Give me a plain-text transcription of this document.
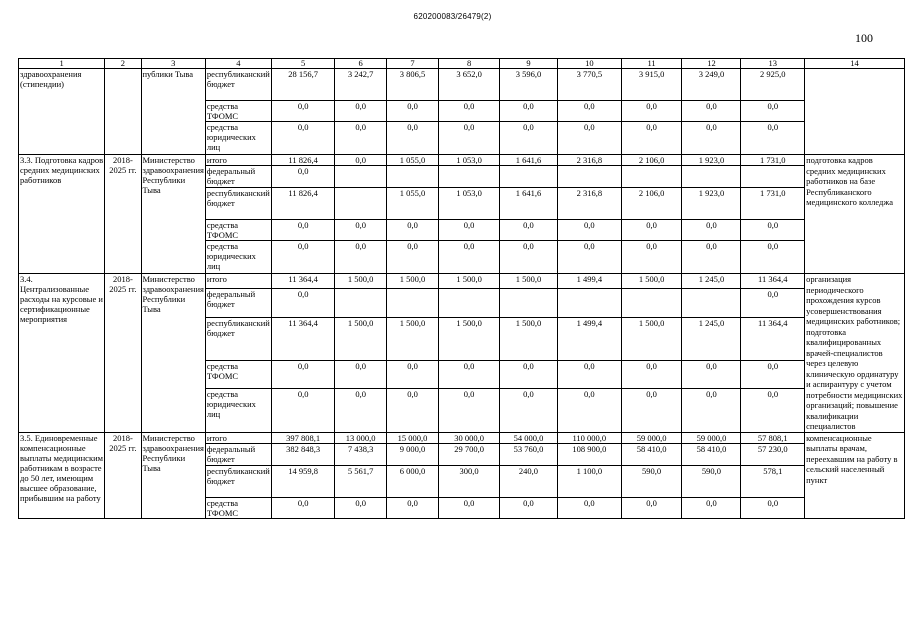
620200083/26479(2)
100
1	2	3	4	5	6	7	8	9	10	11	12	13	14
здравоохранения (стипендии)		публики Тыва	республиканский бюджет	28 156,7	3 242,7	3 806,5	3 652,0	3 596,0	3 770,5	3 915,0	3 249,0	2 925,0	
			средства ТФОМС	0,0	0,0	0,0	0,0	0,0	0,0	0,0	0,0	0,0	
			средства юридических лиц	0,0	0,0	0,0	0,0	0,0	0,0	0,0	0,0	0,0	
3.3. Подготовка кадров средних медицинских работников	2018-2025 гг.	Министерство здравоохранения Республики Тыва	итого	11 826,4	0,0	1 055,0	1 053,0	1 641,6	2 316,8	2 106,0	1 923,0	1 731,0	подготовка кадров средних медицинских работников на базе Республиканского медицинского колледжа
			федеральный бюджет	0,0									
			республиканский бюджет	11 826,4		1 055,0	1 053,0	1 641,6	2 316,8	2 106,0	1 923,0	1 731,0	
			средства ТФОМС	0,0	0,0	0,0	0,0	0,0	0,0	0,0	0,0	0,0	
			средства юридических лиц	0,0	0,0	0,0	0,0	0,0	0,0	0,0	0,0	0,0	
3.4. Централизованные расходы на курсовые и сертификационные мероприятия	2018-2025 гг.	Министерство здравоохранения Республики Тыва	итого	11 364,4	1 500,0	1 500,0	1 500,0	1 500,0	1 499,4	1 500,0	1 245,0	11 364,4	организация периодического прохождения курсов усовершенствования медицинских работников; подготовка квалифицированных врачей-специалистов через целевую клиническую ординатуру и аспирантуру с учетом потребности медицинских организаций; повышение квалификации специалистов
			федеральный бюджет	0,0								0,0	
			республиканский бюджет	11 364,4	1 500,0	1 500,0	1 500,0	1 500,0	1 499,4	1 500,0	1 245,0	11 364,4	
			средства ТФОМС	0,0	0,0	0,0	0,0	0,0	0,0	0,0	0,0	0,0	
			средства юридических лиц	0,0	0,0	0,0	0,0	0,0	0,0	0,0	0,0	0,0	
3.5. Единовременные компенсационные выплаты медицинским работникам в возрасте до 50 лет, имеющим высшее образование, прибывшим на работу	2018-2025 гг.	Министерство здравоохранения Республики Тыва	итого	397 808,1	13 000,0	15 000,0	30 000,0	54 000,0	110 000,0	59 000,0	59 000,0	57 808,1	компенсационные выплаты врачам, переехавшим на работу в сельский населенный пункт
			федеральный бюджет	382 848,3	7 438,3	9 000,0	29 700,0	53 760,0	108 900,0	58 410,0	58 410,0	57 230,0	
			республиканский бюджет	14 959,8	5 561,7	6 000,0	300,0	240,0	1 100,0	590,0	590,0	578,1	
			средства ТФОМС	0,0	0,0	0,0	0,0	0,0	0,0	0,0	0,0	0,0	
